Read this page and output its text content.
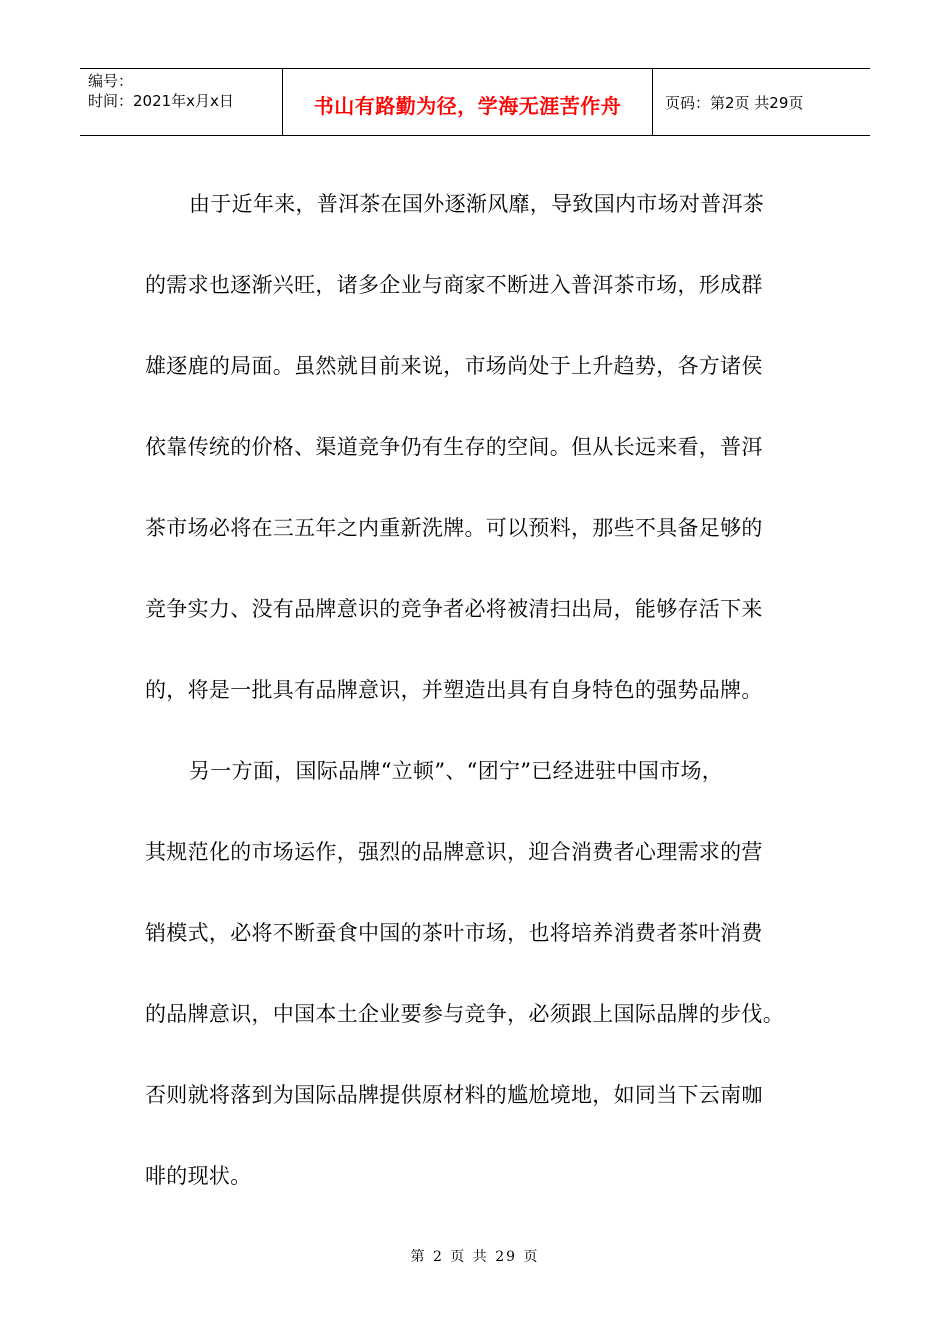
编号：
时间：2021年x月x日	书山有路勤为径，学海无涯苦作舟	页码：第2页 共29页

由于近年来，普洱茶在国外逐渐风靡，导致国内市场对普洱茶
的需求也逐渐兴旺，诸多企业与商家不断进入普洱茶市场，形成群
雄逐鹿的局面。虽然就目前来说，市场尚处于上升趋势，各方诸侯
依靠传统的价格、渠道竞争仍有生存的空间。但从长远来看，普洱
茶市场必将在三五年之内重新洗牌。可以预料，那些不具备足够的
竞争实力、没有品牌意识的竞争者必将被清扫出局，能够存活下来
的，将是一批具有品牌意识，并塑造出具有自身特色的强势品牌。

另一方面，国际品牌“立顿”、“团宁”已经进驻中国市场，
其规范化的市场运作，强烈的品牌意识，迎合消费者心理需求的营
销模式，必将不断蚕食中国的茶叶市场，也将培养消费者茶叶消费
的品牌意识，中国本土企业要参与竞争，必须跟上国际品牌的步伐。
否则就将落到为国际品牌提供原材料的尴尬境地，如同当下云南咖
啡的现状。

第 2 页 共 29 页
